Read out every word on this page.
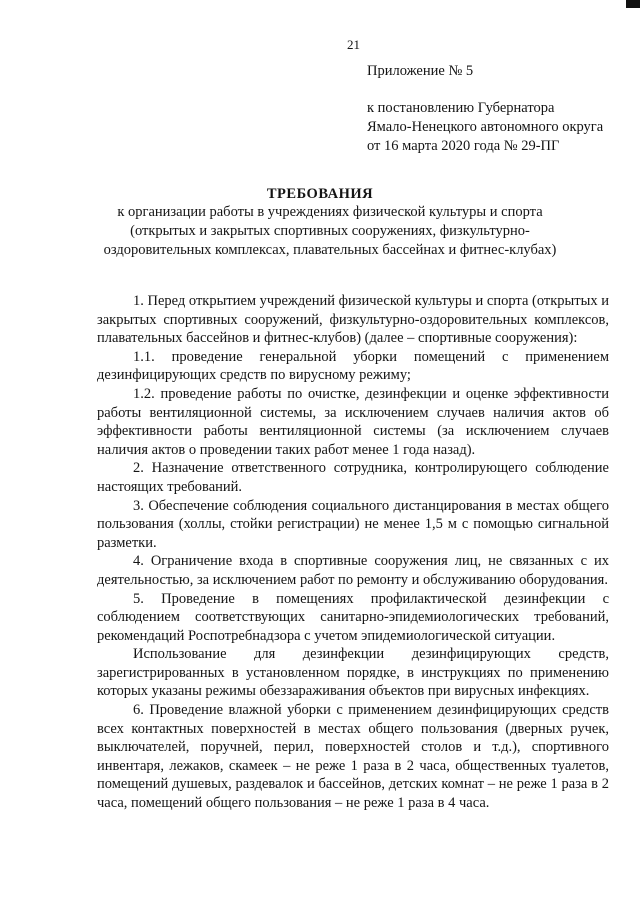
21
Приложение № 5
к постановлению Губернатора
Ямало-Ненецкого автономного округа
от 16 марта 2020 года № 29-ПГ
ТРЕБОВАНИЯ
к организации работы в учреждениях физической культуры и спорта
(открытых и закрытых спортивных сооружениях, физкультурно-
оздоровительных комплексах, плавательных бассейнах и фитнес-клубах)

1. Перед открытием учреждений физической культуры и спорта (открытых и закрытых спортивных сооружений, физкультурно-оздоровительных комплексов, плавательных бассейнов и фитнес-клубов) (далее – спортивные сооружения):

1.1. проведение генеральной уборки помещений с применением дезинфицирующих средств по вирусному режиму;

1.2. проведение работы по очистке, дезинфекции и оценке эффективности работы вентиляционной системы, за исключением случаев наличия актов об эффективности работы вентиляционной системы (за исключением случаев наличия актов о проведении таких работ менее 1 года назад).

2. Назначение ответственного сотрудника, контролирующего соблюдение настоящих требований.

3. Обеспечение соблюдения социального дистанцирования в местах общего пользования (холлы, стойки регистрации) не менее 1,5 м с помощью сигнальной разметки.

4. Ограничение входа в спортивные сооружения лиц, не связанных с их деятельностью, за исключением работ по ремонту и обслуживанию оборудования.

5. Проведение в помещениях профилактической дезинфекции с соблюдением соответствующих санитарно-эпидемиологических требований, рекомендаций Роспотребнадзора с учетом эпидемиологической ситуации.

Использование для дезинфекции дезинфицирующих средств, зарегистрированных в установленном порядке, в инструкциях по применению которых указаны режимы обеззараживания объектов при вирусных инфекциях.

6. Проведение влажной уборки с применением дезинфицирующих средств всех контактных поверхностей в местах общего пользования (дверных ручек, выключателей, поручней, перил, поверхностей столов и т.д.), спортивного инвентаря, лежаков, скамеек – не реже 1 раза в 2 часа, общественных туалетов, помещений душевых, раздевалок и бассейнов, детских комнат – не реже 1 раза в 2 часа, помещений общего пользования – не реже 1 раза в 4 часа.
